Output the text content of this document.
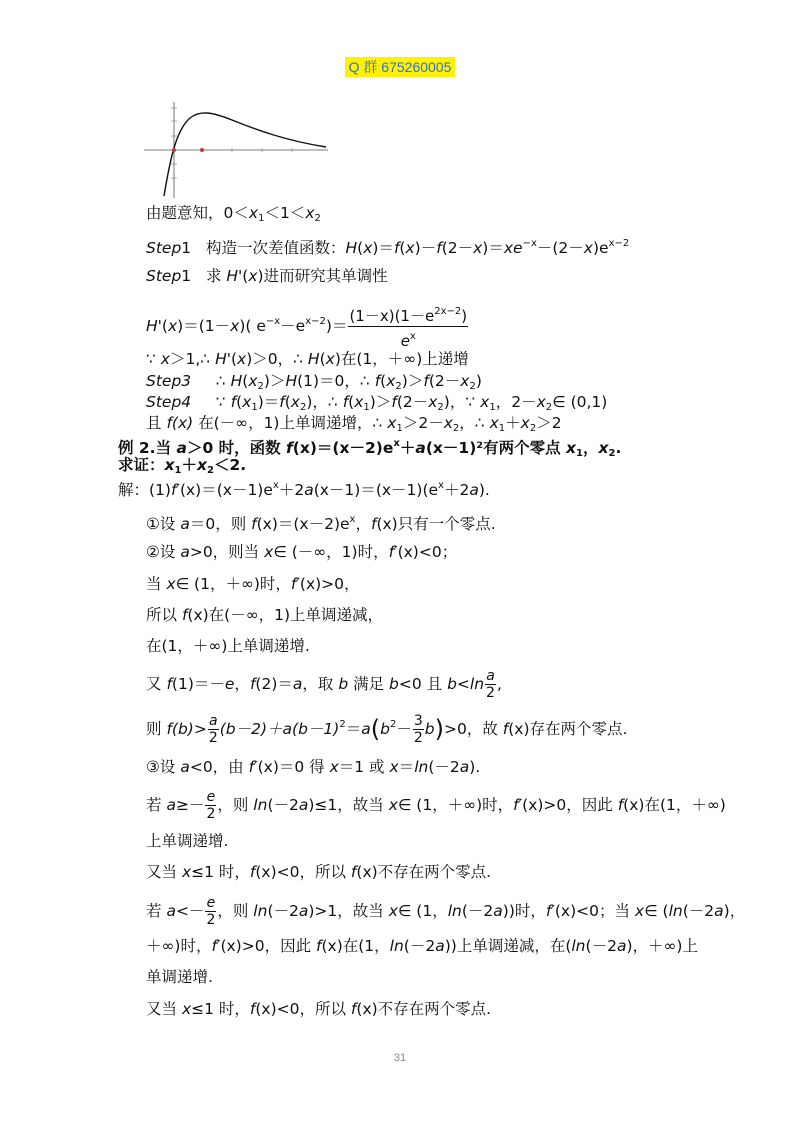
Q 群 675260005
由题意知，$0<x_1<1<x_2$
Step1 构造一次差值函数：$H(x)=f(x)-f(2-x)=xe^{-x}-(2-x)e^{x-2}$
Step1 求 H'(x)进而研究其单调性
H'(x)＝(1－x)( $e^{-x}-e^{x-2})= \frac{(1-x)(1-e^{2x-2})}{e^x}$
∵ x＞1,∴ H'(x)＞0，∴ H(x)在(1，＋∞)上递增
Step3 ∴ $H(x_2)>H(1)=0$，∴ $f(x_2)>f(2-x_2)$
Step4 ∵ $f(x_1)=f(x_2)$，∴ $f(x_1)>f(2-x_2)$，∵ $x_1$，$2-x_2\in$ (0,1)
且 f(x) 在(－∞，1)上单调递增，∴ $x_1>2-x_2$，∴ $x_1+x_2>2$
例 2.当 a＞0 时，函数 $f(x)=(x-2)e^x+a(x-1)^2$有两个零点 $x_1$，$x_2$.
求证：$x_1+x_2<2$.
解：$(1)f'(x)=(x-1)e^x+2a(x-1)=(x-1)(e^x+2a)$.
①设 a＝0，则 $f(x)=(x-2)e^x$，f(x)只有一个零点.
②设 a>0，则当 x∈ (－∞，1)时，f′(x)<0；
当 x∈ (1，＋∞)时，f′(x)>0，
所以 f(x)在(－∞，1)上单调递减，
在(1，＋∞)上单调递增.
又 f(1)＝－e，f(2)＝a，取 b 满足 b<0 且 $b<\ln \frac{a}{2}$ ,
则 $f(b)> \frac{a}{2} (b-2)+a(b-1)^2=a(b^2- \frac{3}{2} b)>0$，故 f(x)存在两个零点.
③设 a<0，由 f′(x)＝0 得 x＝1 或 x＝ln(－2a).
若 $a\ge- \frac{e}{2}$ ，则 ln(－2a)≤1，故当 x∈ (1，＋∞)时，f′(x)>0，因此 f(x)在(1，＋∞)
上单调递增.
又当 x≤1 时，f(x)<0，所以 f(x)不存在两个零点.
若 $a<- \frac{e}{2}$ ，则 ln(－2a)>1，故当 x∈ (1，ln(－2a))时，f′(x)<0；当 x∈ (ln(－2a)，
＋∞)时，f′(x)>0，因此 f(x)在(1，ln(－2a))上单调递减，在(ln(－2a)，＋∞)上
单调递增.
又当 x≤1 时，f(x)<0，所以 f(x)不存在两个零点.
31
